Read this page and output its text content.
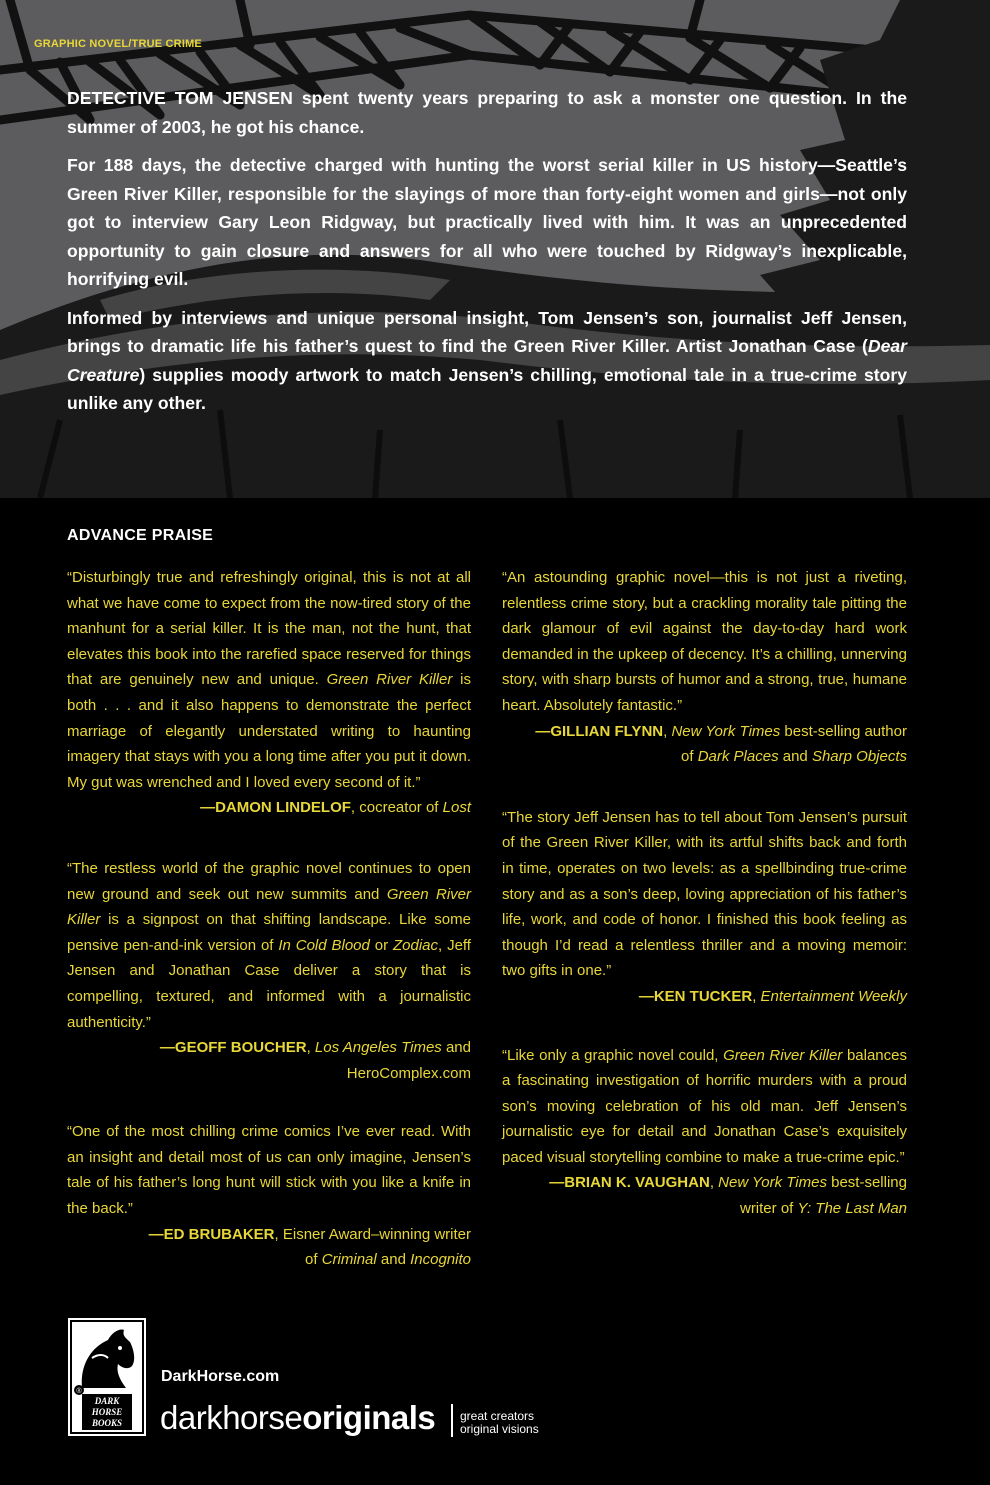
GRAPHIC NOVEL/TRUE CRIME

DETECTIVE TOM JENSEN spent twenty years preparing to ask a monster one question. In the summer of 2003, he got his chance.

For 188 days, the detective charged with hunting the worst serial killer in US history—Seattle’s Green River Killer, responsible for the slayings of more than forty-eight women and girls—not only got to interview Gary Leon Ridgway, but practically lived with him. It was an unprecedented opportunity to gain closure and answers for all who were touched by Ridgway’s inexplicable, horrifying evil.

Informed by interviews and unique personal insight, Tom Jensen’s son, journalist Jeff Jensen, brings to dramatic life his father’s quest to find the Green River Killer. Artist Jonathan Case (Dear Creature) supplies moody artwork to match Jensen’s chilling, emotional tale in a true-crime story unlike any other.

ADVANCE PRAISE

“Disturbingly true and refreshingly original, this is not at all what we have come to expect from the now-tired story of the manhunt for a serial killer. It is the man, not the hunt, that elevates this book into the rarefied space reserved for things that are genuinely new and unique. Green River Killer is both . . . and it also happens to demonstrate the perfect marriage of elegantly understated writing to haunting imagery that stays with you a long time after you put it down. My gut was wrenched and I loved every second of it.”

—DAMON LINDELOF, cocreator of Lost

“The restless world of the graphic novel continues to open new ground and seek out new summits and Green River Killer is a signpost on that shifting landscape. Like some pensive pen-and-ink version of In Cold Blood or Zodiac, Jeff Jensen and Jonathan Case deliver a story that is compelling, textured, and informed with a journalistic authenticity.”

—GEOFF BOUCHER, Los Angeles Times and HeroComplex.com

“One of the most chilling crime comics I’ve ever read. With an insight and detail most of us can only imagine, Jensen’s tale of his father’s long hunt will stick with you like a knife in the back.”

—ED BRUBAKER, Eisner Award–winning writer
of Criminal and Incognito

“An astounding graphic novel—this is not just a riveting, relentless crime story, but a crackling morality tale pitting the dark glamour of evil against the day-to-day hard work demanded in the upkeep of decency. It’s a chilling, unnerving story, with sharp bursts of humor and a strong, true, humane heart. Absolutely fantastic.”

—GILLIAN FLYNN, New York Times best-selling author
of Dark Places and Sharp Objects

“The story Jeff Jensen has to tell about Tom Jensen’s pursuit of the Green River Killer, with its artful shifts back and forth in time, operates on two levels: as a spellbinding true-crime story and as a son’s deep, loving appreciation of his father’s life, work, and code of honor. I finished this book feeling as though I’d read a relentless thriller and a moving memoir: two gifts in one.”

—KEN TUCKER, Entertainment Weekly

“Like only a graphic novel could, Green River Killer balances a fascinating investigation of horrific murders with a proud son’s moving celebration of his old man. Jeff Jensen’s journalistic eye for detail and Jonathan Case’s exquisitely paced visual storytelling combine to make a true-crime epic.”

—BRIAN K. VAUGHAN, New York Times best-selling
writer of Y: The Last Man

®
DARK
HORSE
BOOKS
DarkHorse.com
darkhorseoriginals great creators
original visions
